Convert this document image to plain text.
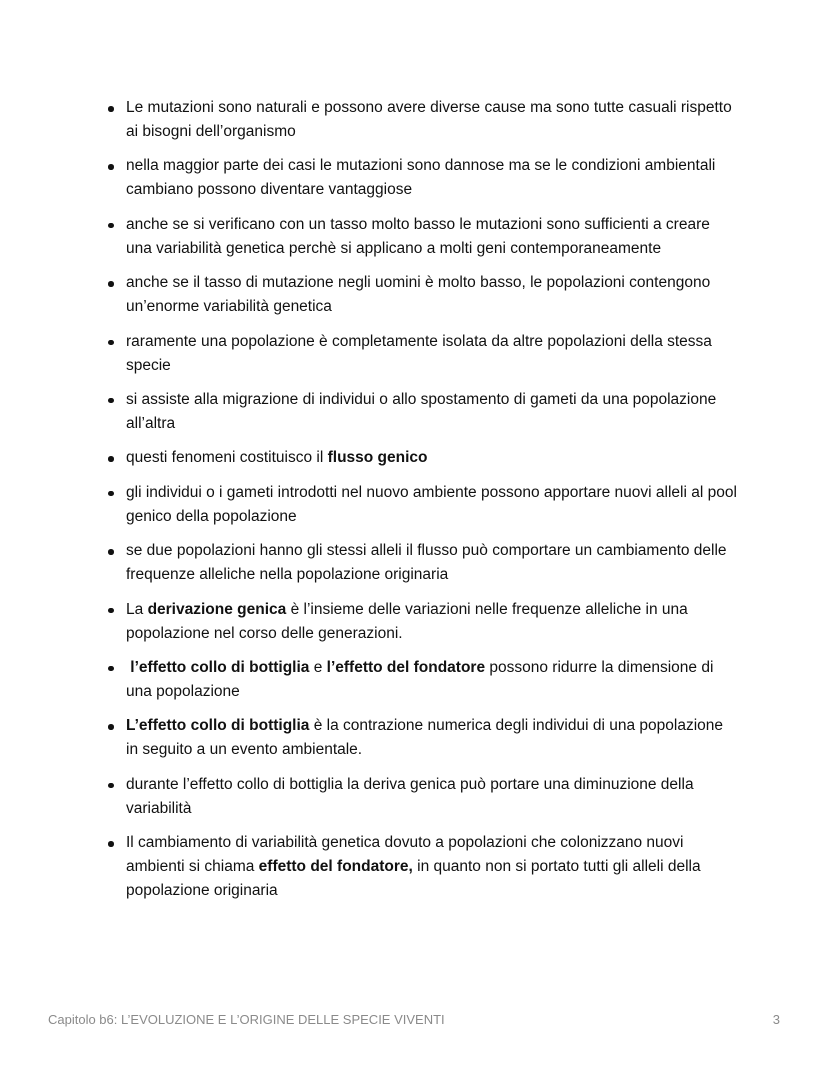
Le mutazioni sono naturali e possono avere diverse cause ma sono tutte casuali rispetto ai bisogni dell’organismo
nella maggior parte dei casi le mutazioni sono dannose ma se le condizioni ambientali cambiano possono diventare vantaggiose
anche se si verificano con un tasso molto basso le mutazioni sono sufficienti a creare una variabilità genetica perchè si applicano a molti geni contemporaneamente
anche se il tasso di mutazione negli uomini è molto basso, le popolazioni contengono un’enorme variabilità genetica
raramente una popolazione è completamente isolata da altre popolazioni della stessa specie
si assiste alla migrazione di individui o allo spostamento di gameti da una popolazione all’altra
questi fenomeni costituisco il flusso genico
gli individui o i gameti introdotti nel nuovo ambiente possono apportare nuovi alleli al pool genico della popolazione
se due popolazioni hanno gli stessi alleli il flusso può comportare un cambiamento delle frequenze alleliche nella popolazione originaria
La derivazione genica è l’insieme delle variazioni nelle frequenze alleliche in una popolazione nel corso delle generazioni.
l’effetto collo di bottiglia e l’effetto del fondatore possono ridurre la dimensione di una popolazione
L’effetto collo di bottiglia è la contrazione numerica degli individui di una popolazione in seguito a un evento ambientale.
durante l’effetto collo di bottiglia la deriva genica può portare una diminuzione della variabilità
Il cambiamento di variabilità genetica dovuto a popolazioni che colonizzano nuovi ambienti si chiama effetto del fondatore, in quanto non si portato tutti gli alleli della popolazione originaria
Capitolo b6: L’EVOLUZIONE E L’ORIGINE DELLE SPECIE VIVENTI	3
